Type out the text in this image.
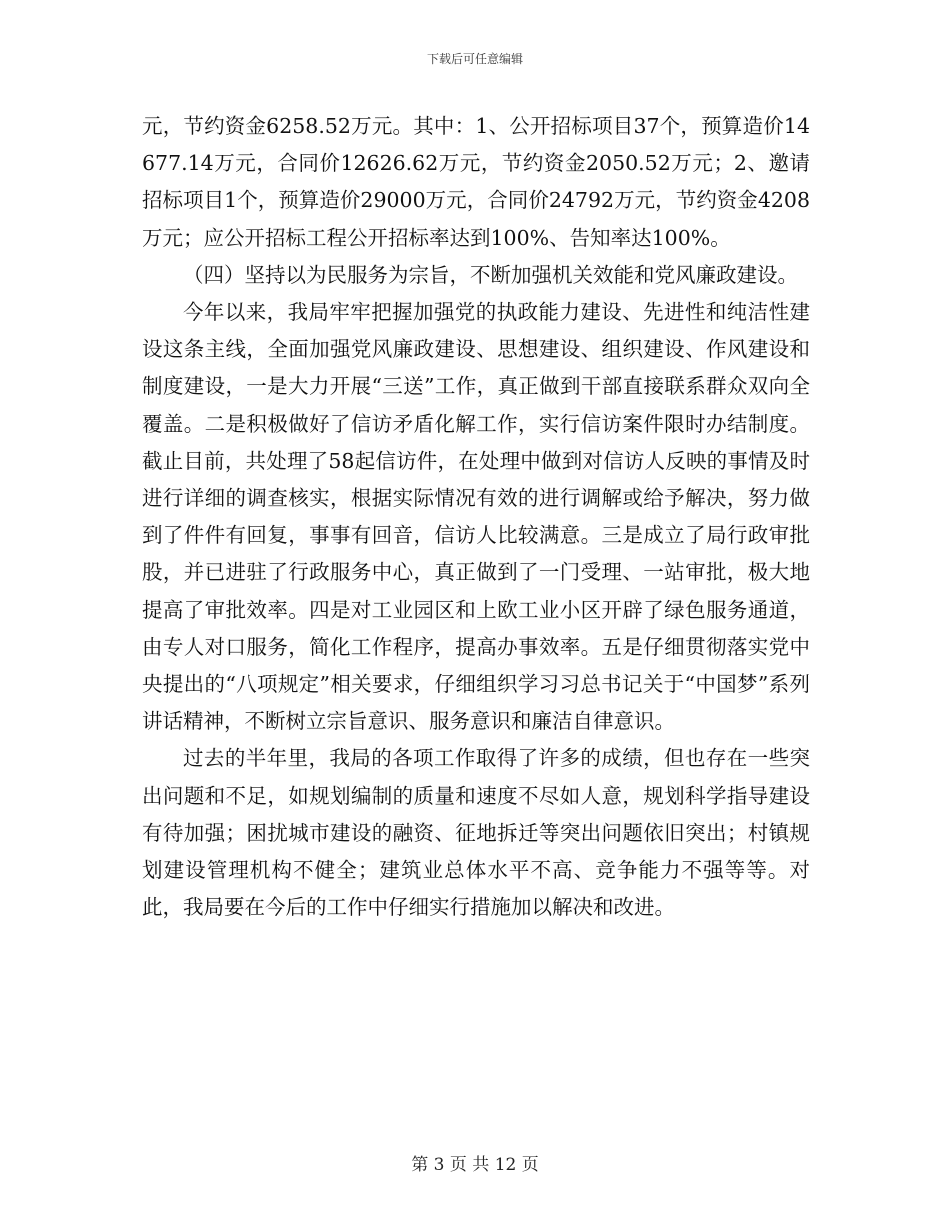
下载后可任意编辑

元，节约资金6258.52万元。其中：1、公开招标项目37个，预算造价14677.14万元，合同价12626.62万元，节约资金2050.52万元；2、邀请招标项目1个，预算造价29000万元，合同价24792万元，节约资金4208万元；应公开招标工程公开招标率达到100%、告知率达100%。

（四）坚持以为民服务为宗旨，不断加强机关效能和党风廉政建设。

今年以来，我局牢牢把握加强党的执政能力建设、先进性和纯洁性建设这条主线，全面加强党风廉政建设、思想建设、组织建设、作风建设和制度建设，一是大力开展“三送”工作，真正做到干部直接联系群众双向全覆盖。二是积极做好了信访矛盾化解工作，实行信访案件限时办结制度。截止目前，共处理了58起信访件，在处理中做到对信访人反映的事情及时进行详细的调查核实，根据实际情况有效的进行调解或给予解决，努力做到了件件有回复，事事有回音，信访人比较满意。三是成立了局行政审批股，并已进驻了行政服务中心，真正做到了一门受理、一站审批，极大地提高了审批效率。四是对工业园区和上欧工业小区开辟了绿色服务通道，由专人对口服务，简化工作程序，提高办事效率。五是仔细贯彻落实党中央提出的“八项规定”相关要求，仔细组织学习习总书记关于“中国梦”系列讲话精神，不断树立宗旨意识、服务意识和廉洁自律意识。

过去的半年里，我局的各项工作取得了许多的成绩，但也存在一些突出问题和不足，如规划编制的质量和速度不尽如人意，规划科学指导建设有待加强；困扰城市建设的融资、征地拆迁等突出问题依旧突出；村镇规划建设管理机构不健全；建筑业总体水平不高、竞争能力不强等等。对此，我局要在今后的工作中仔细实行措施加以解决和改进。

第 3 页 共 12 页
